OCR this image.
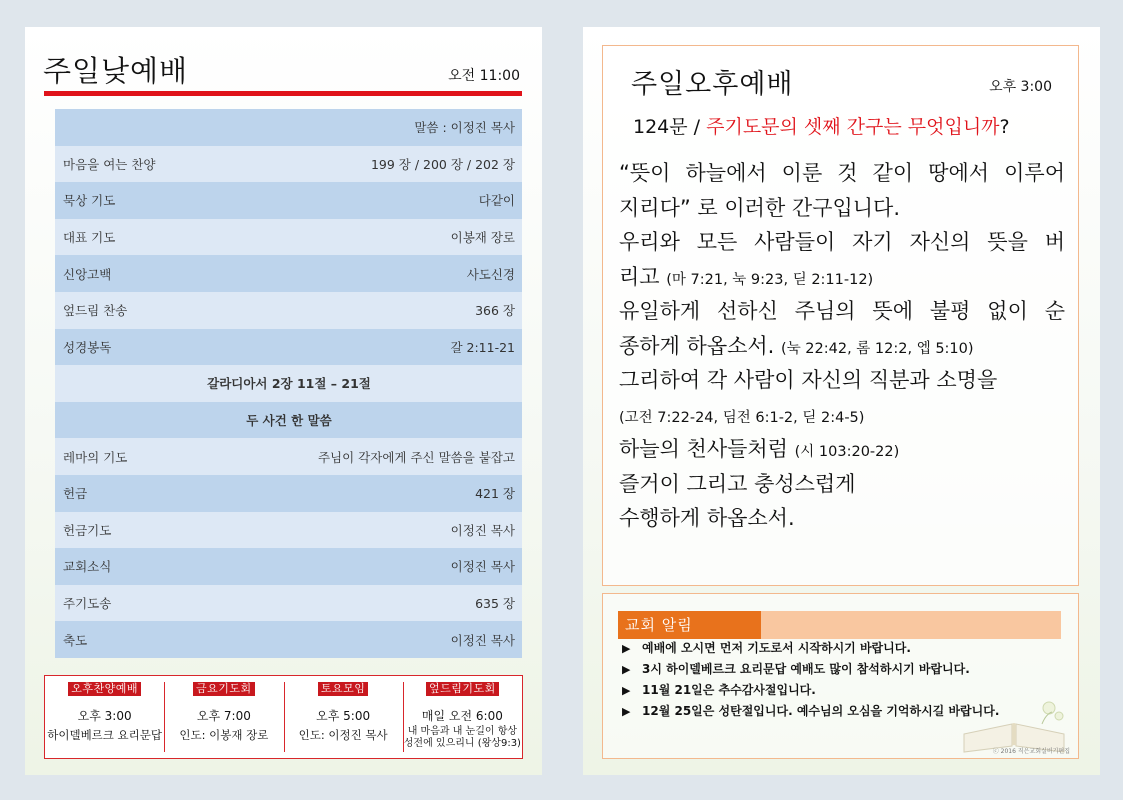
주일낮예배	오전 11:00
말씀 : 이정진 목사
마음을 여는 찬양	199 장 / 200 장 / 202 장
묵상 기도	다같이
대표 기도	이봉재 장로
신앙고백	사도신경
엎드림 찬송	366 장
성경봉독	갈 2:11-21
갈라디아서 2장 11절 – 21절
두 사건 한 말씀
레마의 기도	주님이 각자에게 주신 말씀을 붙잡고
헌금	421 장
헌금기도	이정진 목사
교회소식	이정진 목사
주기도송	635 장
축도	이정진 목사
오후찬양예배
오후 3:00
하이델베르크 요리문답
금요기도회
오후 7:00
인도: 이봉재 장로
토요모임
오후 5:00
인도: 이정진 목사
엎드림기도회
매일 오전 6:00
내 마음과 내 눈길이 항상
성전에 있으리니 (왕상9:3)
주일오후예배	오후 3:00
124문 / 주기도문의 셋째 간구는 무엇입니까?
“뜻이 하늘에서 이룬 것 같이 땅에서 이루어
지리다” 로 이러한 간구입니다.
우리와 모든 사람들이 자기 자신의 뜻을 버
리고 (마 7:21, 눅 9:23, 딛 2:11-12)
유일하게 선하신 주님의 뜻에 불평 없이 순
종하게 하옵소서. (눅 22:42, 롬 12:2, 엡 5:10)
그리하여 각 사람이 자신의 직분과 소명을
(고전 7:22-24, 딤전 6:1-2, 딛 2:4-5)
하늘의 천사들처럼 (시 103:20-22)
즐거이 그리고 충성스럽게
수행하게 하옵소서.
교회 알림
▶ 예배에 오시면 먼저 기도로서 시작하시기 바랍니다.
▶ 3시 하이델베르크 요리문답 예배도 많이 참석하시기 바랍니다.
▶ 11월 21일은 추수감사절입니다.
▶ 12월 25일은 성탄절입니다. 예수님의 오심을 기억하시길 바랍니다.
ⓒ 2016 직은교회실비기편집
